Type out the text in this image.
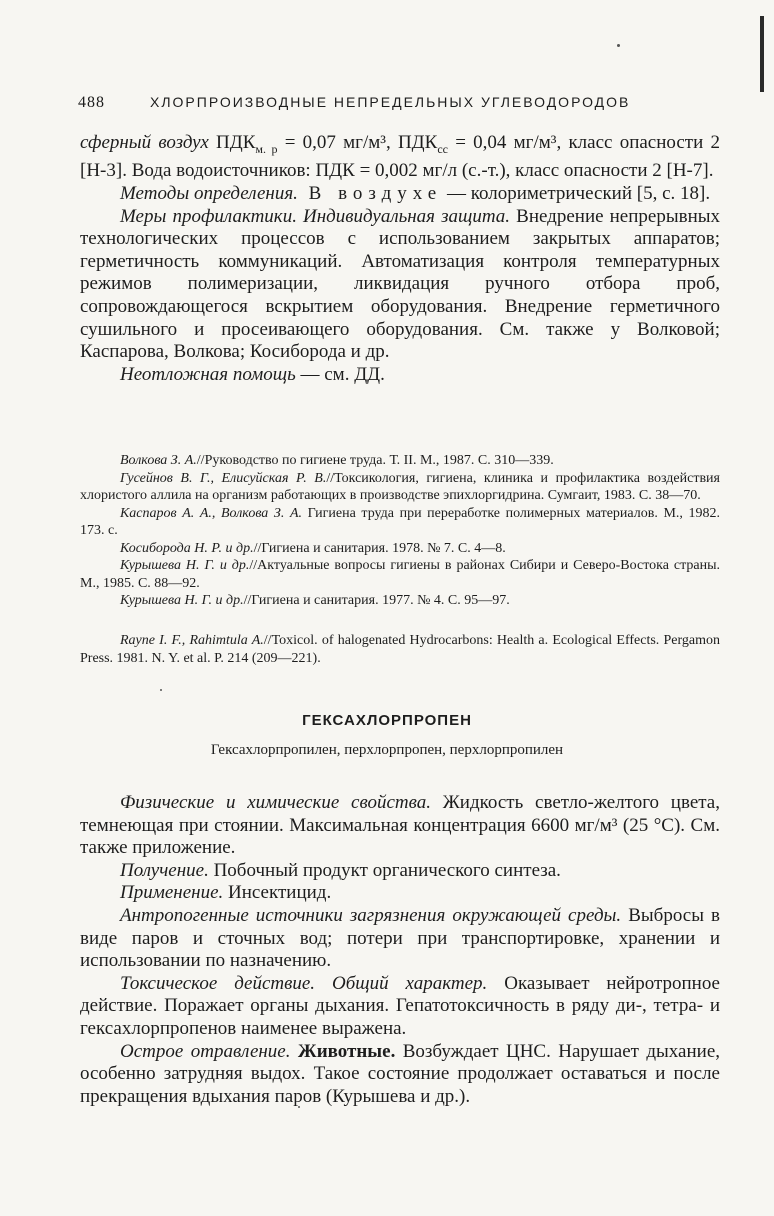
488	ХЛОРПРОИЗВОДНЫЕ НЕПРЕДЕЛЬНЫХ УГЛЕВОДОРОДОВ

сферный воздух $ПДК_{м. р} = 0,07$ мг/м³, $ПДК_{сс} = 0,04$ мг/м³, класс опасности 2 [Н-3]. Вода водоисточников: ПДК = 0,002 мг/л (с.-т.), класс опасности 2 [Н-7].

Методы определения. В воздухе — колориметрический [5, с. 18].

Меры профилактики. Индивидуальная защита. Внедрение непрерывных технологических процессов с использованием закрытых аппаратов; герметичность коммуникаций. Автоматизация контроля температурных режимов полимеризации, ликвидация ручного отбора проб, сопровождающегося вскрытием оборудования. Внедрение герметичного сушильного и просеивающего оборудования. См. также у Волковой; Каспарова, Волкова; Косиборода и др.

Неотложная помощь — см. ДД.

Волкова З. А.//Руководство по гигиене труда. Т. II. М., 1987. С. 310—339.

Гусейнов В. Г., Елисуйская Р. В.//Токсикология, гигиена, клиника и профилактика воздействия хлористого аллила на организм работающих в производстве эпихлоргидрина. Сумгаит, 1983. С. 38—70.

Каспаров А. А., Волкова З. А. Гигиена труда при переработке полимерных материалов. М., 1982. 173. с.

Косиборода Н. Р. и др.//Гигиена и санитария. 1978. № 7. С. 4—8.

Курышева Н. Г. и др.//Актуальные вопросы гигиены в районах Сибири и Северо-Востока страны. М., 1985. С. 88—92.

Курышева Н. Г. и др.//Гигиена и санитария. 1977. № 4. С. 95—97.

Rayne I. F., Rahimtula A.//Toxicol. of halogenated Hydrocarbons: Health a. Ecological Effects. Pergamon Press. 1981. N. Y. et al. P. 214 (209—221).

ГЕКСАХЛОРПРОПЕН
Гексахлорпропилен, перхлорпропен, перхлорпропилен

Физические и химические свойства. Жидкость светло-желтого цвета, темнеющая при стоянии. Максимальная концентрация 6600 мг/м³ (25 °С). См. также приложение.

Получение. Побочный продукт органического синтеза.

Применение. Инсектицид.

Антропогенные источники загрязнения окружающей среды. Выбросы в виде паров и сточных вод; потери при транспортировке, хранении и использовании по назначению.

Токсическое действие. Общий характер. Оказывает нейротропное действие. Поражает органы дыхания. Гепатотоксичность в ряду ди-, тетра- и гексахлорпропенов наименее выражена.

Острое отравление. Животные. Возбуждает ЦНС. Нарушает дыхание, особенно затрудняя выдох. Такое состояние продолжает оставаться и после прекращения вдыхания паров (Курышева и др.).
